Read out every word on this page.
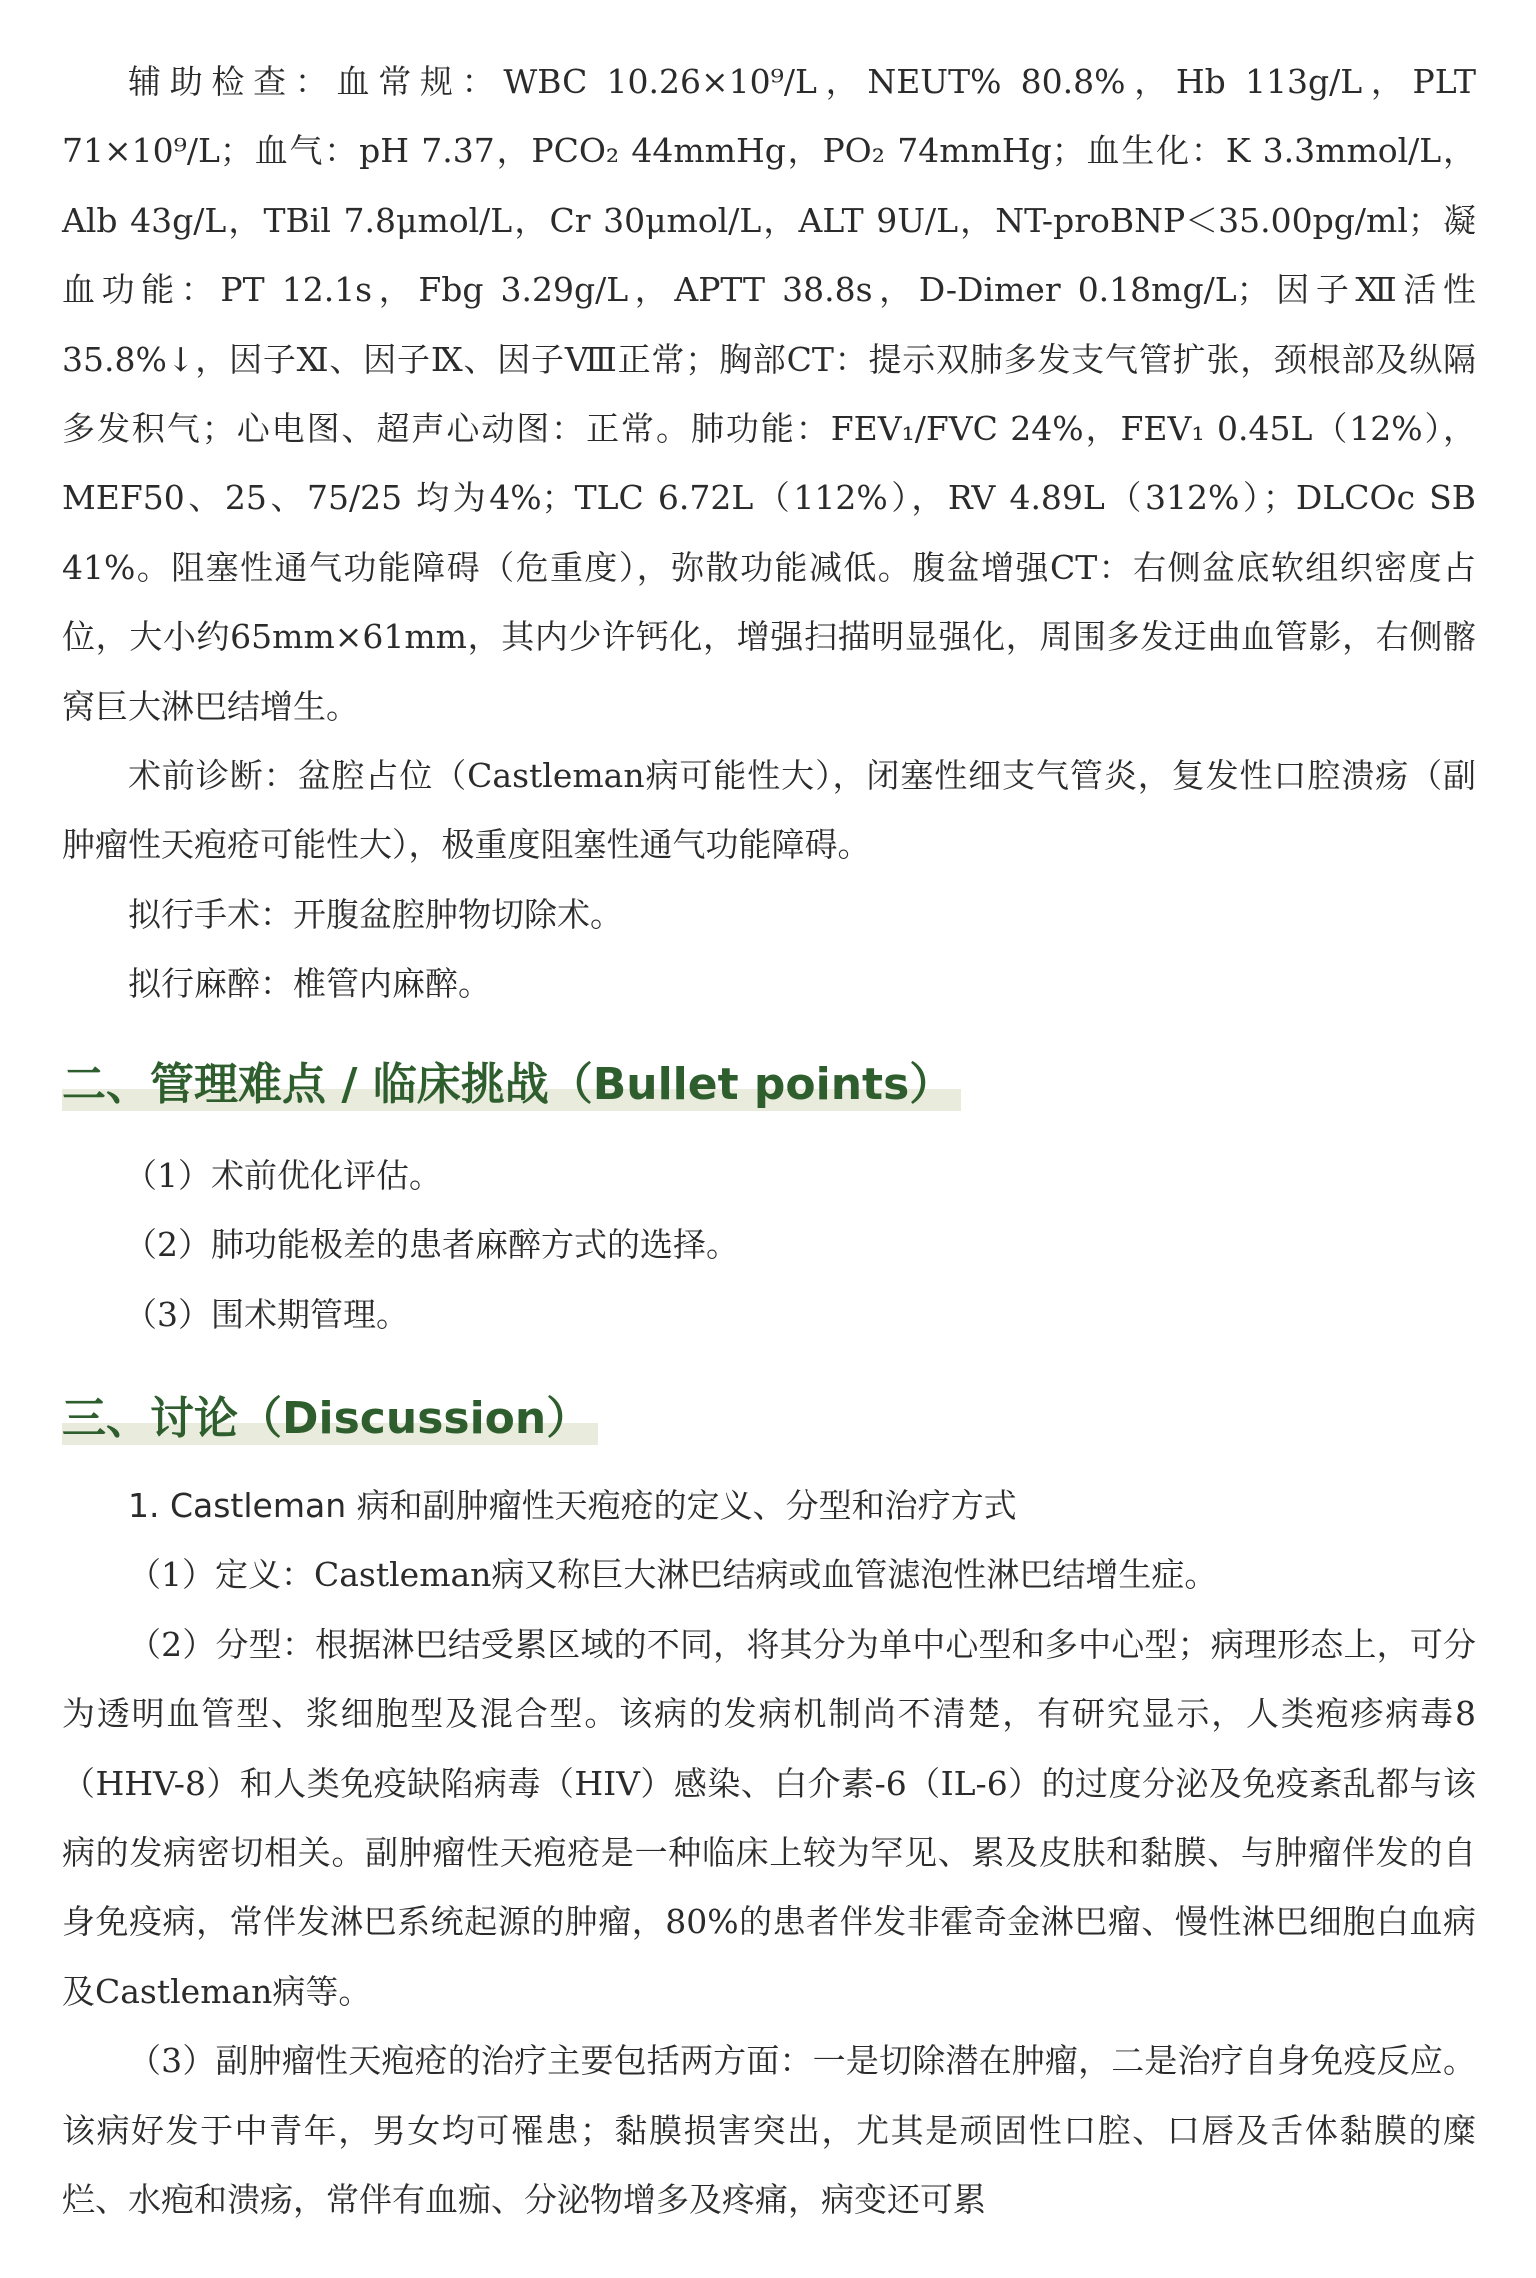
辅助检查：血常规：WBC 10.26×10⁹/L，NEUT% 80.8%，Hb 113g/L，PLT 71×10⁹/L；血气：pH 7.37，PCO₂ 44mmHg，PO₂ 74mmHg；血生化：K 3.3mmol/L，Alb 43g/L，TBil 7.8μmol/L，Cr 30μmol/L，ALT 9U/L，NT-proBNP＜35.00pg/ml；凝血功能：PT 12.1s，Fbg 3.29g/L，APTT 38.8s，D-Dimer 0.18mg/L；因子Ⅻ活性 35.8%↓，因子Ⅺ、因子Ⅸ、因子Ⅷ正常；胸部CT：提示双肺多发支气管扩张，颈根部及纵隔多发积气；心电图、超声心动图：正常。肺功能：FEV₁/FVC 24%，FEV₁ 0.45L（12%），MEF50、25、75/25 均为4%；TLC 6.72L（112%），RV 4.89L（312%）；DLCOc SB 41%。阻塞性通气功能障碍（危重度），弥散功能减低。腹盆增强CT：右侧盆底软组织密度占位，大小约65mm×61mm，其内少许钙化，增强扫描明显强化，周围多发迂曲血管影，右侧髂窝巨大淋巴结增生。

术前诊断：盆腔占位（Castleman病可能性大），闭塞性细支气管炎，复发性口腔溃疡（副肿瘤性天疱疮可能性大），极重度阻塞性通气功能障碍。

拟行手术：开腹盆腔肿物切除术。

拟行麻醉：椎管内麻醉。

二、管理难点 / 临床挑战（Bullet points）

（1）术前优化评估。

（2）肺功能极差的患者麻醉方式的选择。

（3）围术期管理。

三、讨论（Discussion）

1. Castleman 病和副肿瘤性天疱疮的定义、分型和治疗方式

（1）定义：Castleman病又称巨大淋巴结病或血管滤泡性淋巴结增生症。

（2）分型：根据淋巴结受累区域的不同，将其分为单中心型和多中心型；病理形态上，可分为透明血管型、浆细胞型及混合型。该病的发病机制尚不清楚，有研究显示，人类疱疹病毒8（HHV-8）和人类免疫缺陷病毒（HIV）感染、白介素-6（IL-6）的过度分泌及免疫紊乱都与该病的发病密切相关。副肿瘤性天疱疮是一种临床上较为罕见、累及皮肤和黏膜、与肿瘤伴发的自身免疫病，常伴发淋巴系统起源的肿瘤，80%的患者伴发非霍奇金淋巴瘤、慢性淋巴细胞白血病及Castleman病等。

（3）副肿瘤性天疱疮的治疗主要包括两方面：一是切除潜在肿瘤，二是治疗自身免疫反应。该病好发于中青年，男女均可罹患；黏膜损害突出，尤其是顽固性口腔、口唇及舌体黏膜的糜烂、水疱和溃疡，常伴有血痂、分泌物增多及疼痛，病变还可累
